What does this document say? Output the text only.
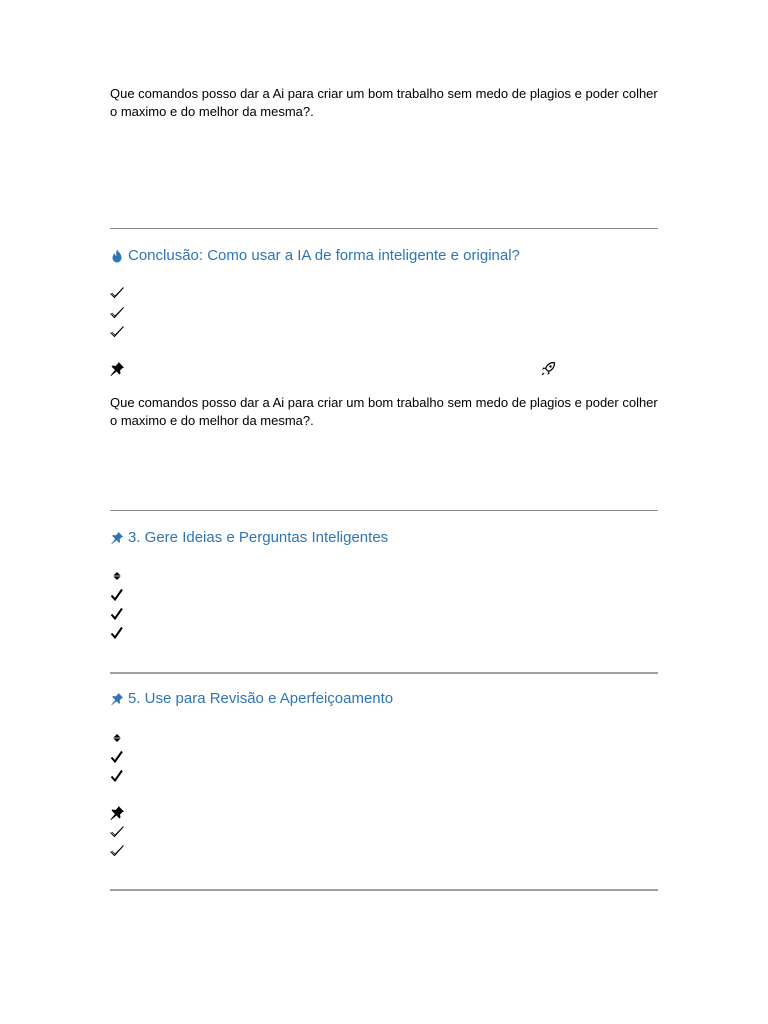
Que comandos posso dar a Ai para criar um bom trabalho sem medo de plagios e poder colher o maximo e do melhor da mesma?.
Conclusão: Como usar a IA de forma inteligente e original?
Que comandos posso dar a Ai para criar um bom trabalho sem medo de plagios e poder colher o maximo e do melhor da mesma?.
3. Gere Ideias e Perguntas Inteligentes
5. Use para Revisão e Aperfeiçoamento
